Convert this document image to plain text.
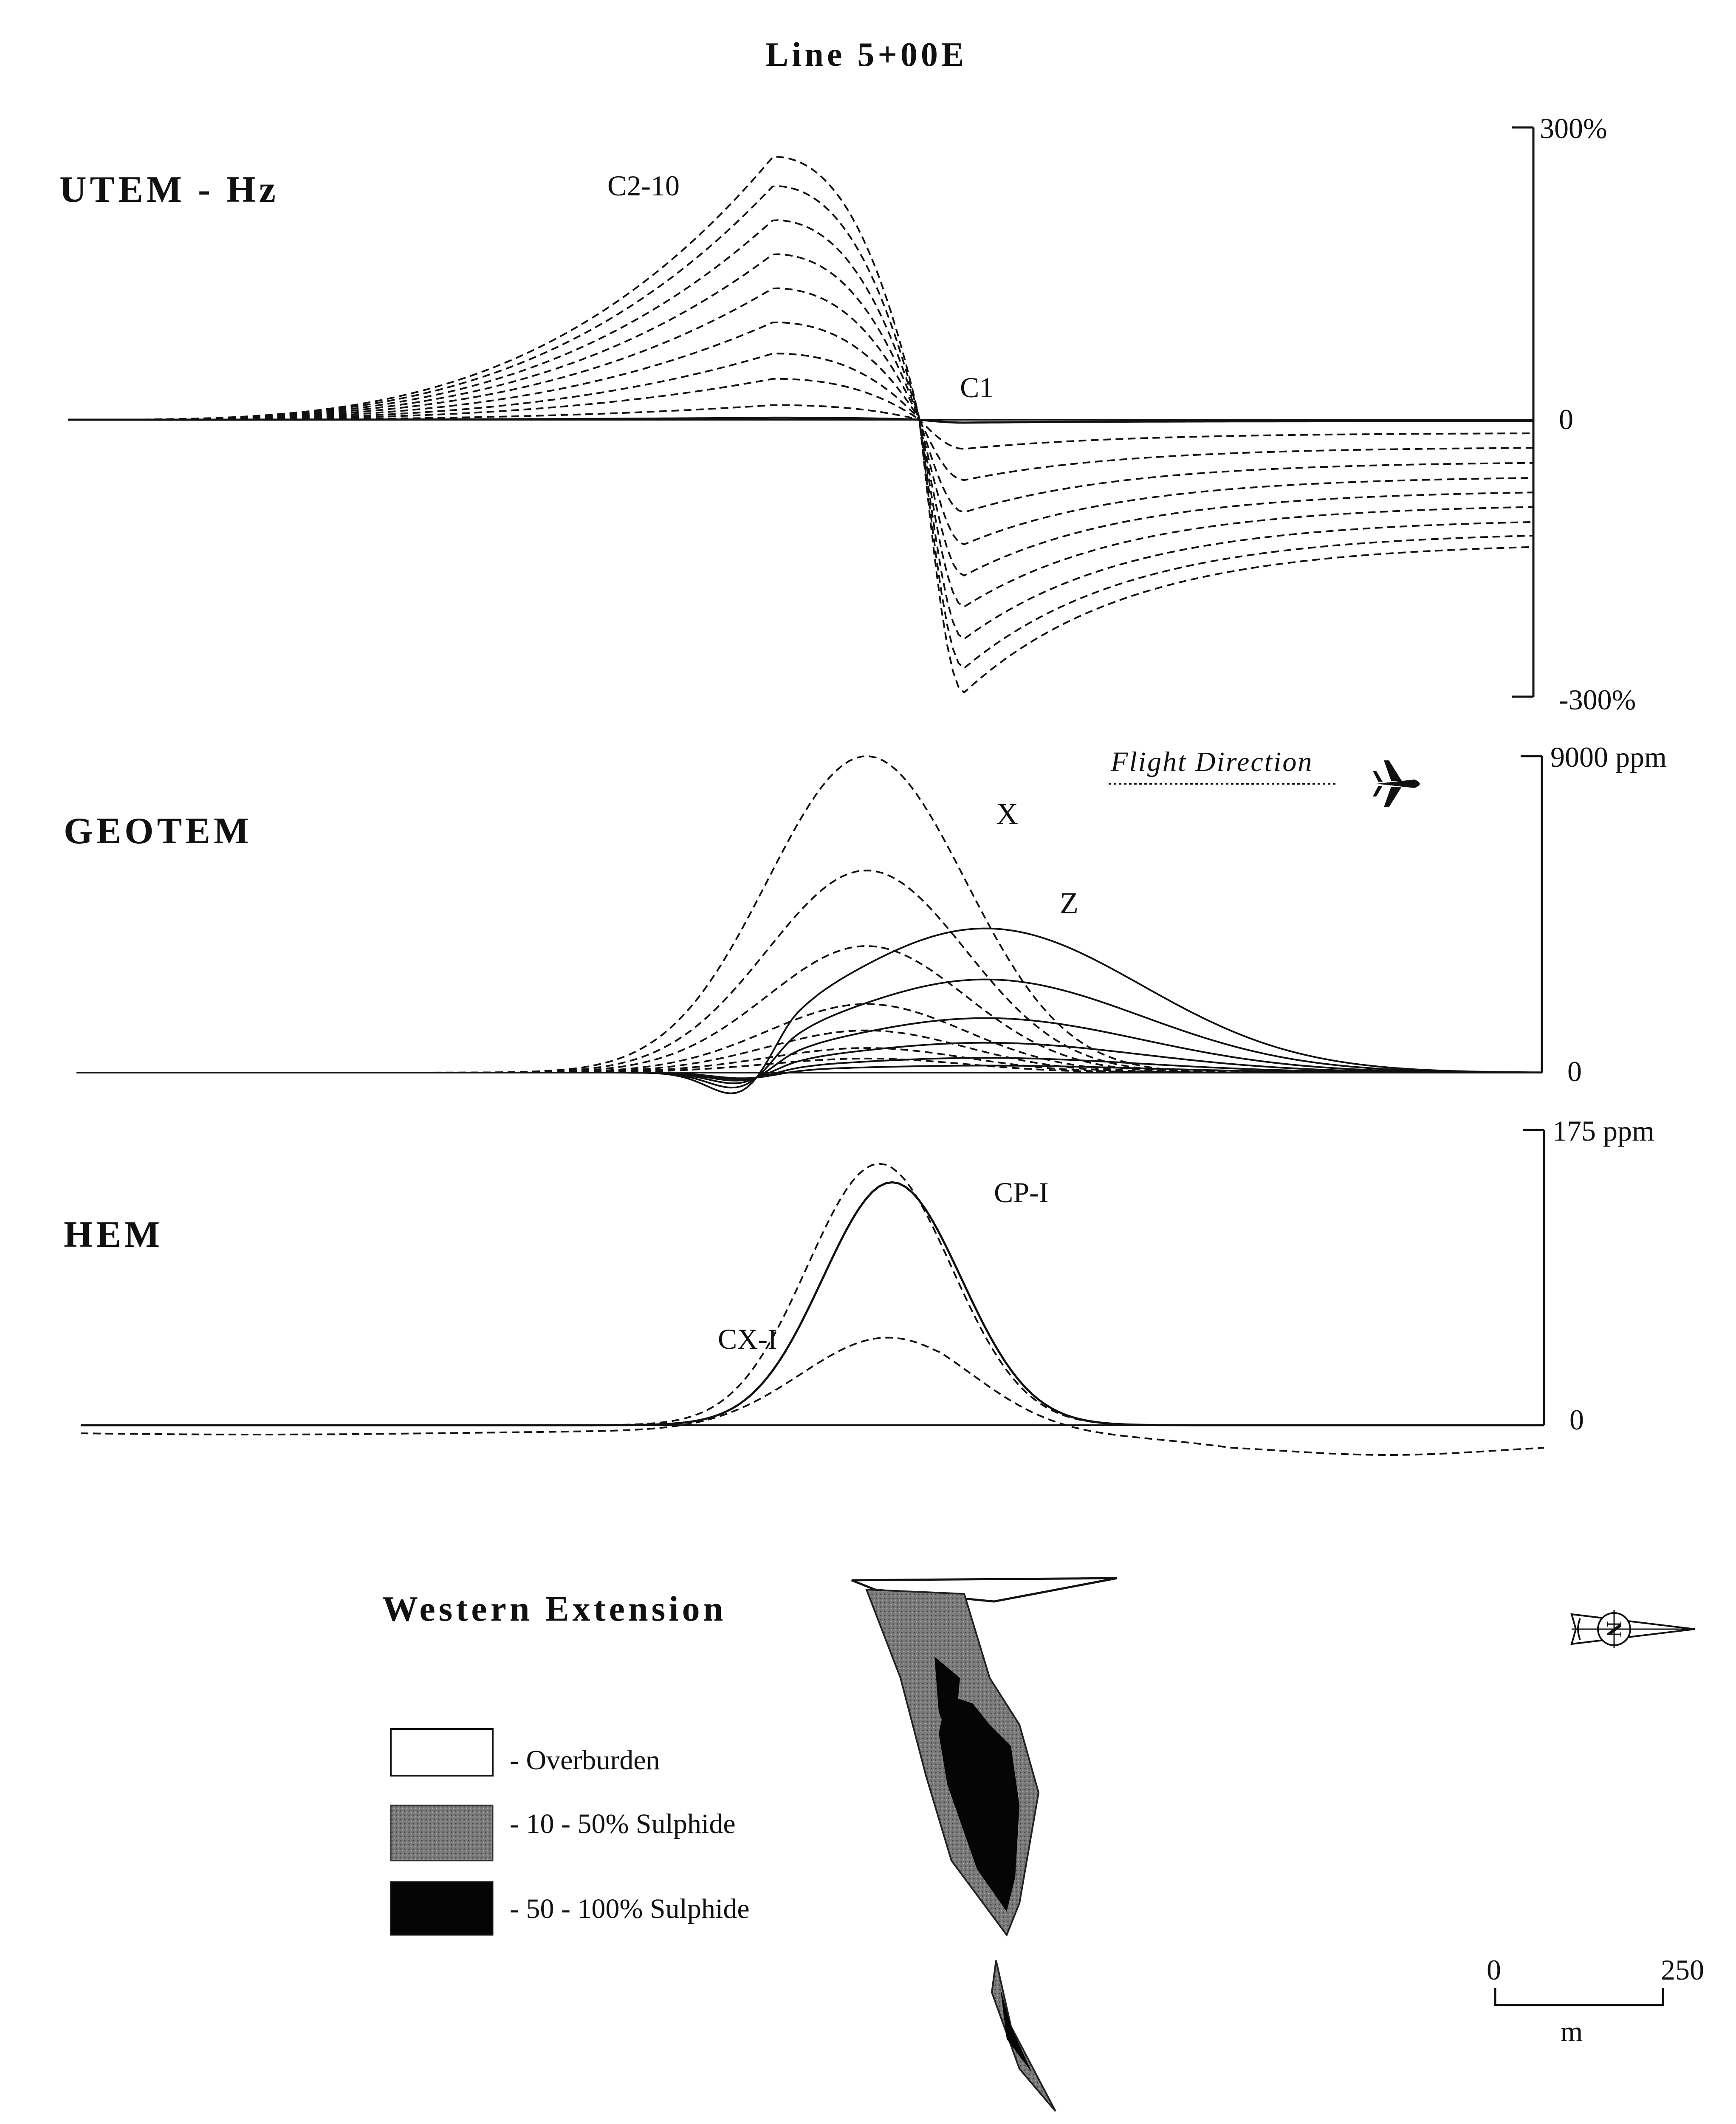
Line 5+00E
UTEM - Hz
300%
0
-300%
C2-10
C1
GEOTEM
9000 ppm
0
X
Z
Flight Direction
HEM
175 ppm
0
CP-I
CX-I
Western Extension
- Overburden
- 10 - 50% Sulphide
- 50 - 100% Sulphide
N
0	250
m
